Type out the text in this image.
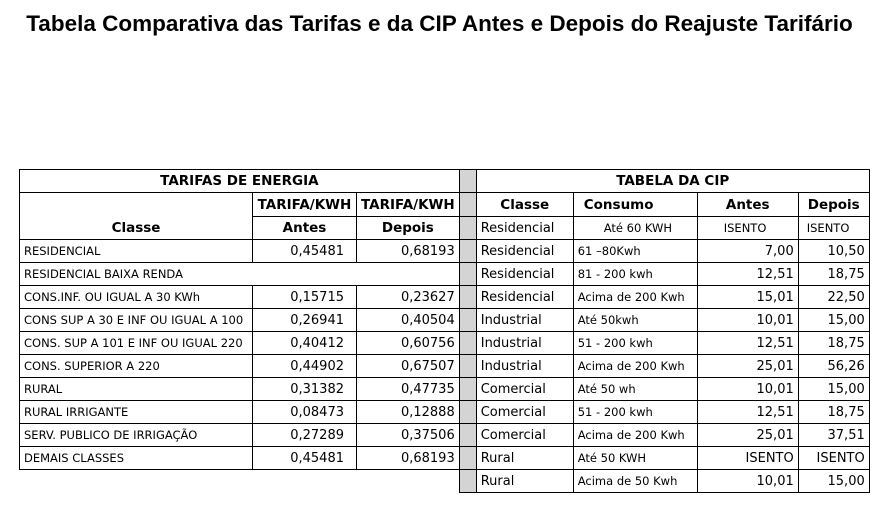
Tabela Comparativa das Tarifas e da CIP Antes e Depois do Reajuste Tarifário
TARIFAS DE ENERGIA				TABELA DA CIP			
Classe	TARIFA/KWH	TARIFA/KWH		Classe	Consumo	Antes	Depois
	Antes	Depois		Residencial	Até 60 KWH	ISENTO	ISENTO
RESIDENCIAL	0,45481	0,68193		Residencial	61 –80Kwh	7,00	10,50
RESIDENCIAL BAIXA RENDA				Residencial	81 - 200 kwh	12,51	18,75
CONS.INF. OU IGUAL A 30 KWh	0,15715	0,23627		Residencial	Acima de 200 Kwh	15,01	22,50
CONS SUP A 30 E INF OU IGUAL A 100	0,26941	0,40504		Industrial	Até 50kwh	10,01	15,00
CONS. SUP A 101 E INF OU IGUAL 220	0,40412	0,60756		Industrial	51 - 200 kwh	12,51	18,75
CONS. SUPERIOR A 220	0,44902	0,67507		Industrial	Acima de 200 Kwh	25,01	56,26
RURAL	0,31382	0,47735		Comercial	Até 50 wh	10,01	15,00
RURAL IRRIGANTE	0,08473	0,12888		Comercial	51 - 200 kwh	12,51	18,75
SERV. PUBLICO DE IRRIGAÇÃO	0,27289	0,37506		Comercial	Acima de 200 Kwh	25,01	37,51
DEMAIS CLASSES	0,45481	0,68193		Rural	Até 50 KWH	ISENTO	ISENTO
				Rural	Acima de 50 Kwh	10,01	15,00
